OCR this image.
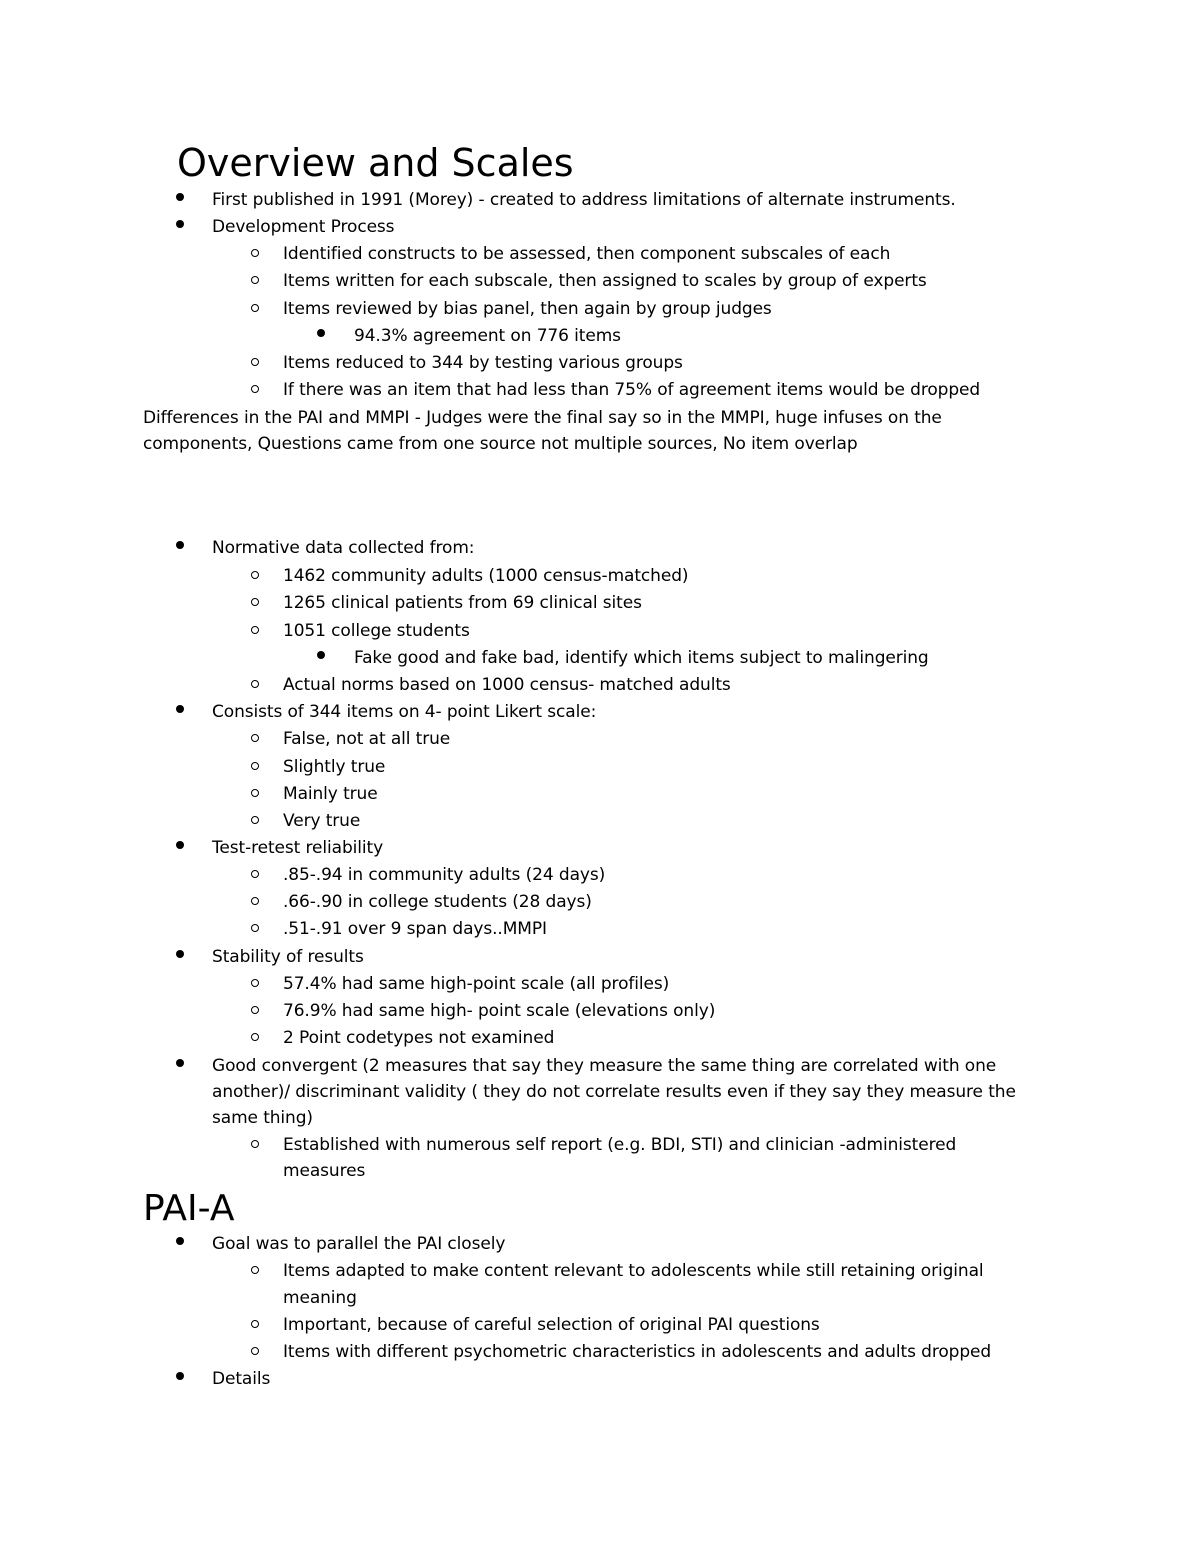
Overview and Scales
First published in 1991 (Morey) - created to address limitations of alternate instruments.
Development Process
Identified constructs to be assessed, then component subscales of each
Items written for each subscale, then assigned to scales by group of experts
Items reviewed by bias panel, then again by group judges
94.3% agreement on 776 items
Items reduced to 344 by testing various groups
If there was an item that had less than 75% of agreement items would be dropped
Differences in the PAI and MMPI - Judges were the final say so in the MMPI, huge infuses on the
components, Questions came from one source not multiple sources, No item overlap
Normative data collected from:
1462 community adults (1000 census-matched)
1265 clinical patients from 69 clinical sites
1051 college students
Fake good and fake bad, identify which items subject to malingering
Actual norms based on 1000 census- matched adults
Consists of 344 items on 4- point Likert scale:
False, not at all true
Slightly true
Mainly true
Very true
Test-retest reliability
.85-.94 in community adults (24 days)
.66-.90 in college students (28 days)
.51-.91 over 9 span days..MMPI
Stability of results
57.4% had same high-point scale (all profiles)
76.9% had same high- point scale (elevations only)
2 Point codetypes not examined
Good convergent (2 measures that say they measure the same thing are correlated with one
another)/ discriminant validity ( they do not correlate results even if they say they measure the
same thing)
Established with numerous self report (e.g. BDI, STI) and clinician -administered
measures
PAI-A
Goal was to parallel the PAI closely
Items adapted to make content relevant to adolescents while still retaining original
meaning
Important, because of careful selection of original PAI questions
Items with different psychometric characteristics in adolescents and adults dropped
Details
